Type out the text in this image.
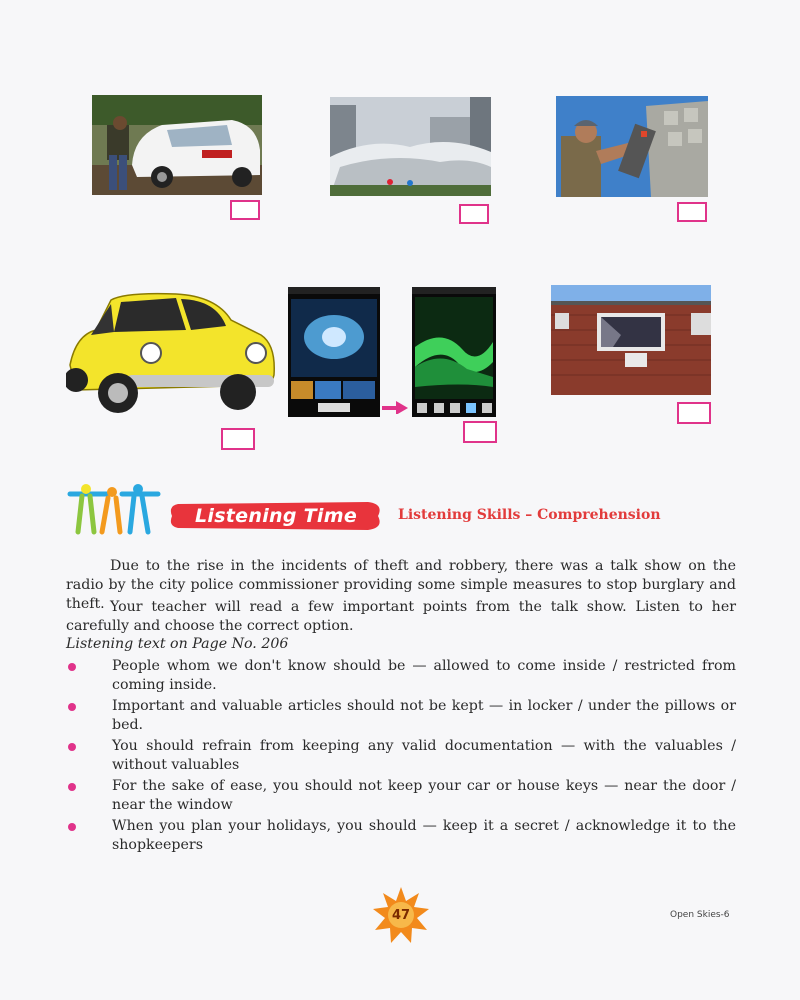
Listening Time	Listening Skills – Comprehension
Due to the rise in the incidents of theft and robbery, there was a talk show on the radio by the city police commissioner providing some simple measures to stop burglary and theft. Your teacher will read a few important points from the talk show. Listen to her carefully and choose the correct option.
Listening text on Page No. 206
People whom we don't know should be — allowed to come inside / restricted from coming inside.
Important and valuable articles should not be kept — in locker / under the pillows or bed.
You should refrain from keeping any valid documentation — with the valuables / without valuables
For the sake of ease, you should not keep your car or house keys — near the door / near the window
When you plan your holidays, you should — keep it a secret / acknowledge it to the shopkeepers
47	Open Skies-6
